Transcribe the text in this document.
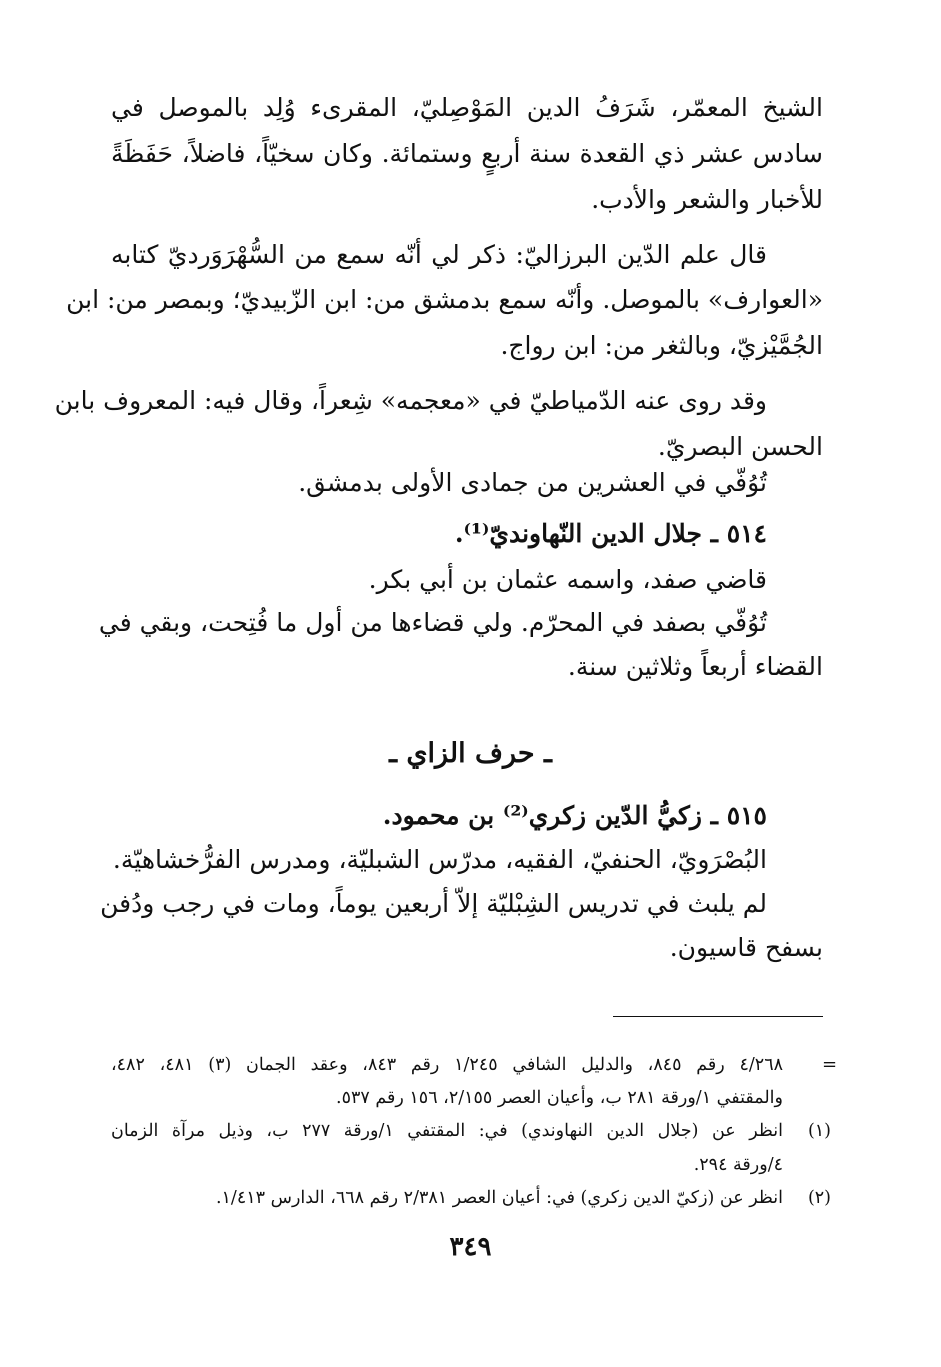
الشيخ المعمّر، شَرَفُ الدين المَوْصِليّ، المقرىء وُلِد بالموصل في
سادس عشر ذي القعدة سنة أربعٍ وستمائة. وكان سخيّاً، فاضلاً، حَفَظَةً
للأخبار والشعر والأدب.
قال علم الدّين البرزاليّ: ذكر لي أنّه سمع من السُّهْرَوَرديّ كتابه
«العوارف» بالموصل. وأنّه سمع بدمشق من: ابن الزّبيديّ؛ وبمصر من: ابن
الجُمَّيْزيّ، وبالثغر من: ابن رواج.
وقد روى عنه الدّمياطيّ في «معجمه» شِعراً، وقال فيه: المعروف بابن
الحسن البصريّ.
تُوُفّي في العشرين من جمادى الأولى بدمشق.
٥١٤ ـ جلال الدين النّهاونديّ⁽¹⁾.
قاضي صفد، واسمه عثمان بن أبي بكر.
تُوُفّي بصفد في المحرّم. ولي قضاءها من أول ما فُتِحت، وبقي في
القضاء أربعاً وثلاثين سنة.
ـ حرف الزاي ـ
٥١٥ ـ زكيُّ الدّين زكري⁽²⁾ بن محمود.
البُصْرَويّ، الحنفيّ، الفقيه، مدرّس الشبليّة، ومدرس الفرُّخشاهيّة.
لم يلبث في تدريس الشِبْليّة إلاّ أربعين يوماً، ومات في رجب ودُفن
بسفح قاسيون.
=
٤/٢٦٨ رقم ٨٤٥، والدليل الشافي ١/٢٤٥ رقم ٨٤٣، وعقد الجمان (٣) ٤٨١، ٤٨٢،
والمقتفي ١/ورقة ٢٨١ ب، وأعيان العصر ٢/١٥٥، ١٥٦ رقم ٥٣٧.
(١)
انظر عن (جلال الدين النهاوندي) في: المقتفي ١/ورقة ٢٧٧ ب، وذيل مرآة الزمان
٤/ورقة ٢٩٤.
(٢)
انظر عن (زكيّ الدين زكري) في: أعيان العصر ٢/٣٨١ رقم ٦٦٨، الدارس ١/٤١٣.
٣٤٩
